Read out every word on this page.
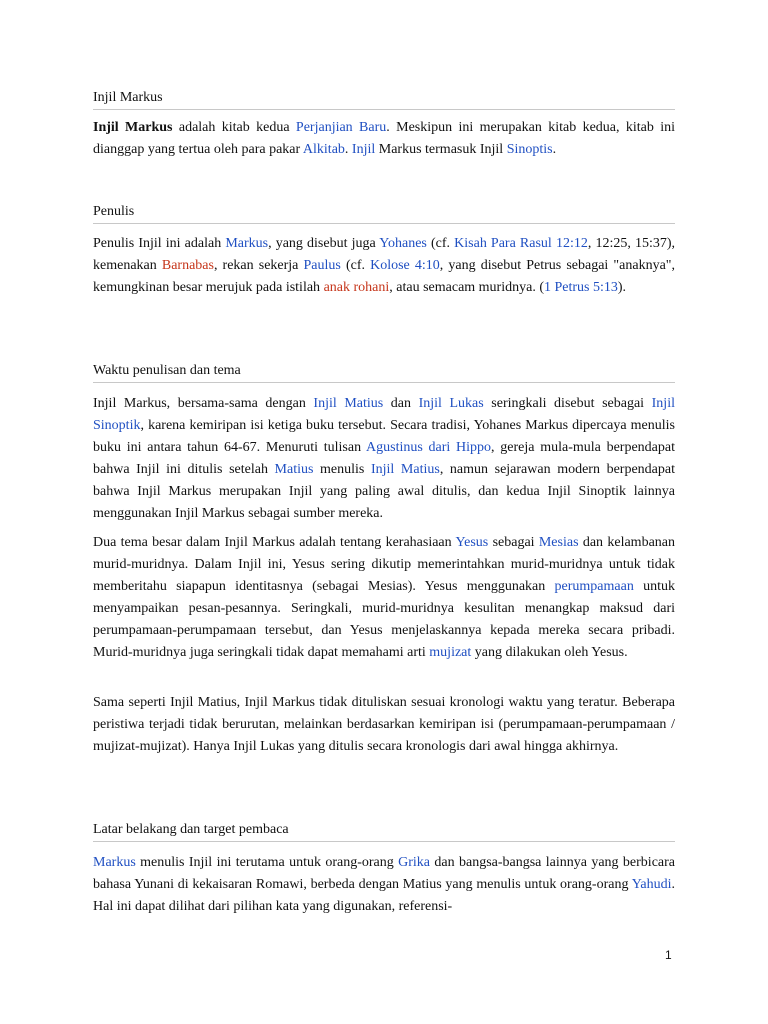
Injil Markus

Injil Markus adalah kitab kedua Perjanjian Baru. Meskipun ini merupakan kitab kedua, kitab ini dianggap yang tertua oleh para pakar Alkitab. Injil Markus termasuk Injil Sinoptis.

Penulis

Penulis Injil ini adalah Markus, yang disebut juga Yohanes (cf. Kisah Para Rasul 12:12, 12:25, 15:37), kemenakan Barnabas, rekan sekerja Paulus (cf. Kolose 4:10, yang disebut Petrus sebagai "anaknya", kemungkinan besar merujuk pada istilah anak rohani, atau semacam muridnya. (1 Petrus 5:13).

Waktu penulisan dan tema

Injil Markus, bersama-sama dengan Injil Matius dan Injil Lukas seringkali disebut sebagai Injil Sinoptik, karena kemiripan isi ketiga buku tersebut. Secara tradisi, Yohanes Markus dipercaya menulis buku ini antara tahun 64-67. Menuruti tulisan Agustinus dari Hippo, gereja mula-mula berpendapat bahwa Injil ini ditulis setelah Matius menulis Injil Matius, namun sejarawan modern berpendapat bahwa Injil Markus merupakan Injil yang paling awal ditulis, dan kedua Injil Sinoptik lainnya menggunakan Injil Markus sebagai sumber mereka.

Dua tema besar dalam Injil Markus adalah tentang kerahasiaan Yesus sebagai Mesias dan kelambanan murid-muridnya. Dalam Injil ini, Yesus sering dikutip memerintahkan murid-muridnya untuk tidak memberitahu siapapun identitasnya (sebagai Mesias). Yesus menggunakan perumpamaan untuk menyampaikan pesan-pesannya. Seringkali, murid-muridnya kesulitan menangkap maksud dari perumpamaan-perumpamaan tersebut, dan Yesus menjelaskannya kepada mereka secara pribadi. Murid-muridnya juga seringkali tidak dapat memahami arti mujizat yang dilakukan oleh Yesus.

Sama seperti Injil Matius, Injil Markus tidak dituliskan sesuai kronologi waktu yang teratur. Beberapa peristiwa terjadi tidak berurutan, melainkan berdasarkan kemiripan isi (perumpamaan-perumpamaan / mujizat-mujizat). Hanya Injil Lukas yang ditulis secara kronologis dari awal hingga akhirnya.

Latar belakang dan target pembaca

Markus menulis Injil ini terutama untuk orang-orang Grika dan bangsa-bangsa lainnya yang berbicara bahasa Yunani di kekaisaran Romawi, berbeda dengan Matius yang menulis untuk orang-orang Yahudi. Hal ini dapat dilihat dari pilihan kata yang digunakan, referensi-

1
